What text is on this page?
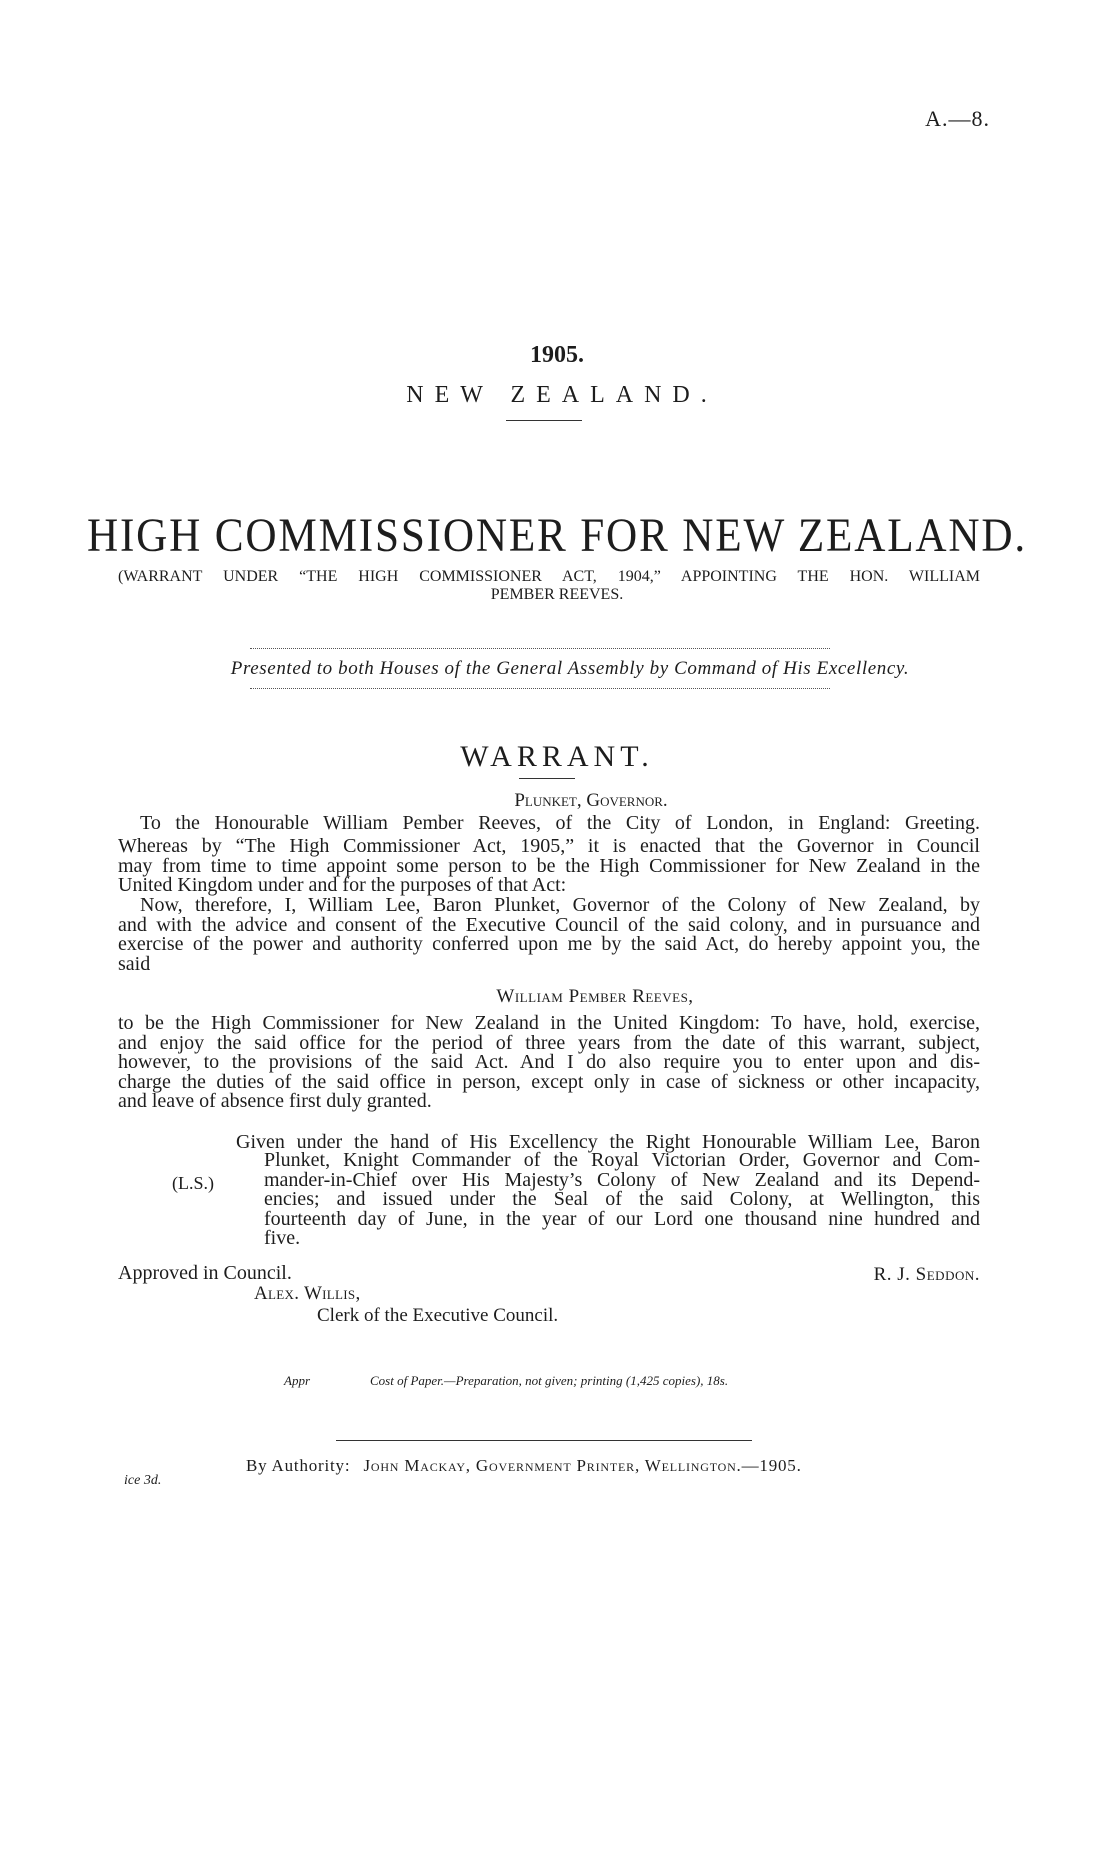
A.—8.
1905.
NEW ZEALAND.
HIGH COMMISSIONER FOR NEW ZEALAND.
(WARRANT UNDER “THE HIGH COMMISSIONER ACT, 1904,” APPOINTING THE HON. WILLIAM
PEMBER REEVES.
Presented to both Houses of the General Assembly by Command of His Excellency.
WARRANT.
Plunket, Governor.
To the Honourable William Pember Reeves, of the City of London, in England: Greeting.
Whereas by “The High Commissioner Act, 1905,” it is enacted that the Governor in Council
may from time to time appoint some person to be the High Commissioner for New Zealand in the
United Kingdom under and for the purposes of that Act:
Now, therefore, I, William Lee, Baron Plunket, Governor of the Colony of New Zealand, by
and with the advice and consent of the Executive Council of the said colony, and in pursuance and
exercise of the power and authority conferred upon me by the said Act, do hereby appoint you, the
said
William Pember Reeves,
to be the High Commissioner for New Zealand in the United Kingdom: To have, hold, exercise,
and enjoy the said office for the period of three years from the date of this warrant, subject,
however, to the provisions of the said Act. And I do also require you to enter upon and dis-
charge the duties of the said office in person, except only in case of sickness or other incapacity,
and leave of absence first duly granted.
(L.S.)
Given under the hand of His Excellency the Right Honourable William Lee, Baron
Plunket, Knight Commander of the Royal Victorian Order, Governor and Com-
mander-in-Chief over His Majesty’s Colony of New Zealand and its Depend-
encies; and issued under the Seal of the said Colony, at Wellington, this
fourteenth day of June, in the year of our Lord one thousand nine hundred and
five.
Approved in Council.	R. J. Seddon.
Alex. Willis,
Clerk of the Executive Council.
Appr	Cost of Paper.—Preparation, not given; printing (1,425 copies), 18s.
By Authority: John Mackay, Government Printer, Wellington.—1905.
ice 3d.
